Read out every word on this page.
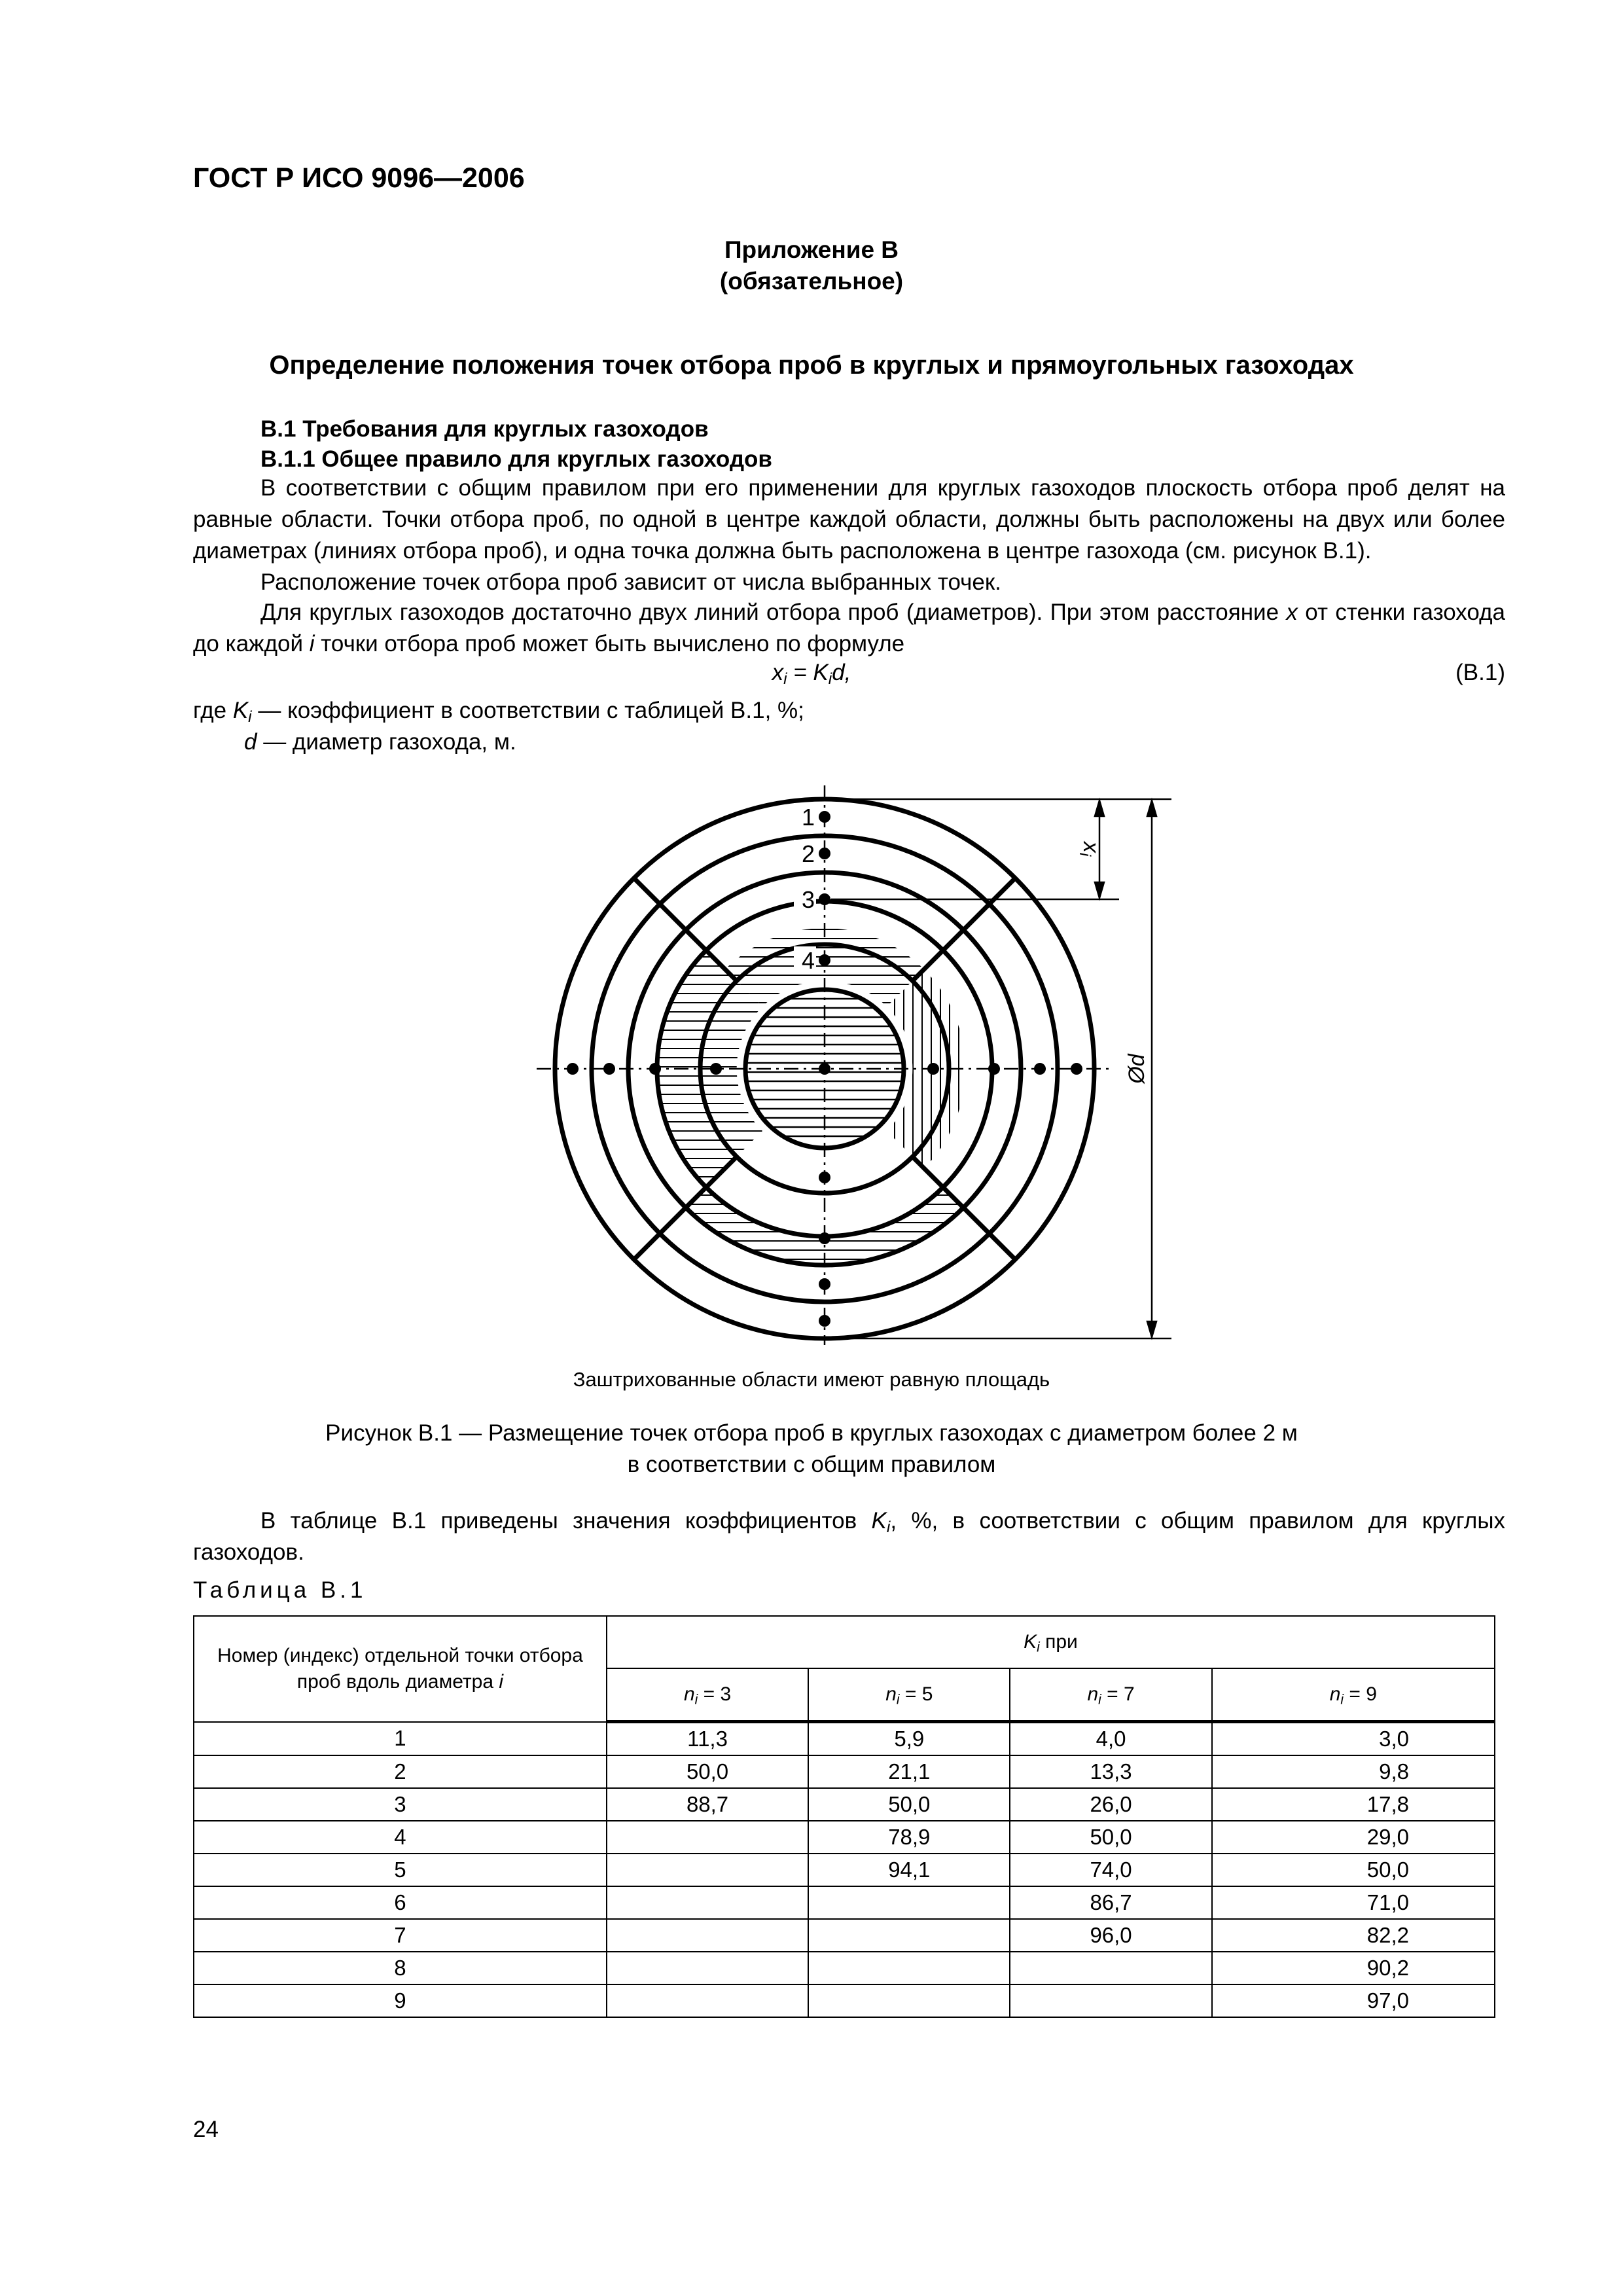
ГОСТ Р ИСО 9096—2006
Приложение В
(обязательное)
Определение положения точек отбора проб в круглых и прямоугольных газоходах
В.1 Требования для круглых газоходов
В.1.1 Общее правило для круглых газоходов
В соответствии с общим правилом при его применении для круглых газоходов плоскость отбора проб делят на равные области. Точки отбора проб, по одной в центре каждой области, должны быть расположены на двух или более диаметрах (линиях отбора проб), и одна точка должна быть расположена в центре газохода (см. рисунок В.1).
Расположение точек отбора проб зависит от числа выбранных точек.
Для круглых газоходов достаточно двух линий отбора проб (диаметров). При этом расстояние x от стенки газохода до каждой i точки отбора проб может быть вычислено по формуле
$x_i = K_id$,	(В.1)
где $K_i$ — коэффициент в соответствии с таблицей В.1, %;
d — диаметр газохода, м.
1
2
3
4
xi
Ød
Заштрихованные области имеют равную площадь
Рисунок В.1 — Размещение точек отбора проб в круглых газоходах с диаметром более 2 м
в соответствии с общим правилом
В таблице В.1 приведены значения коэффициентов $K_i$, %, в соответствии с общим правилом для круглых газоходов.
Таблица В.1
Номер (индекс) отдельной точки отбора проб вдоль диаметра i	$K_i$ при			
	$n_i = 3$	$n_i = 5$	$n_i = 7$	$n_i = 9$
1	11,3	5,9	4,0	3,0
2	50,0	21,1	13,3	9,8
3	88,7	50,0	26,0	17,8
4		78,9	50,0	29,0
5		94,1	74,0	50,0
6			86,7	71,0
7			96,0	82,2
8				90,2
9				97,0
24
